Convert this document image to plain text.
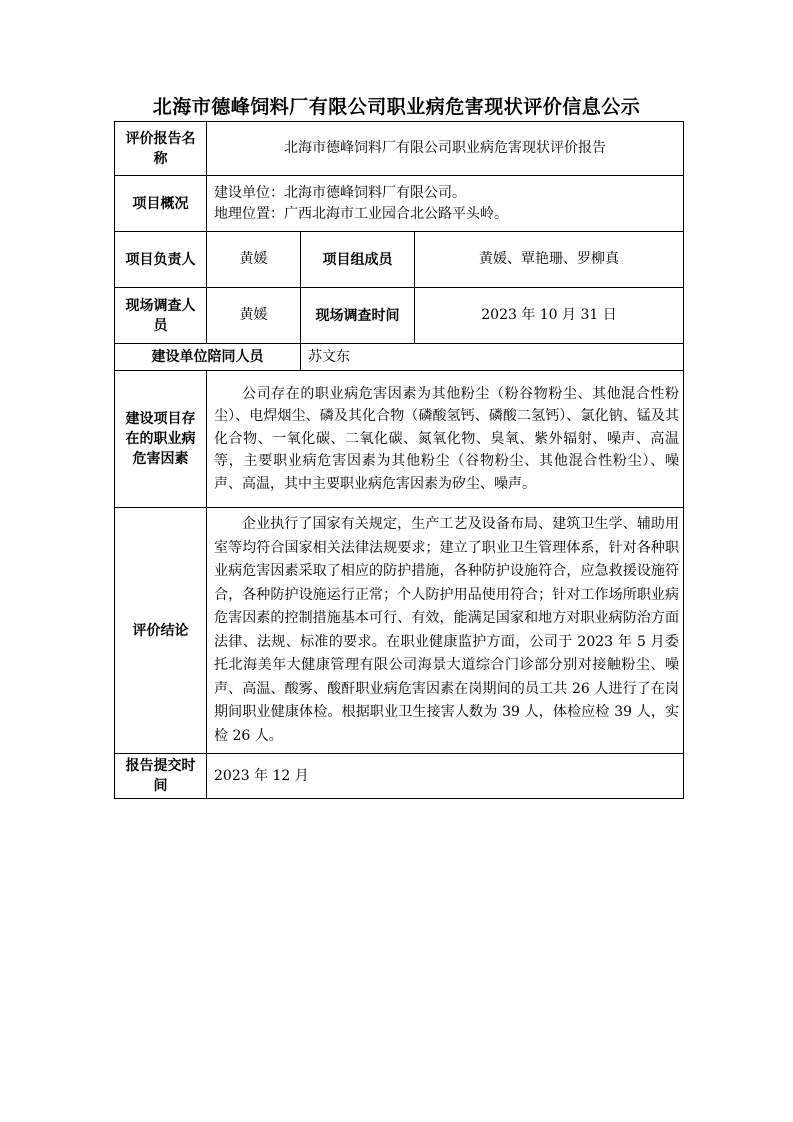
北海市德峰饲料厂有限公司职业病危害现状评价信息公示
评价报告名称	北海市德峰饲料厂有限公司职业病危害现状评价报告		
项目概况	建设单位：北海市德峰饲料厂有限公司。
地理位置：广西北海市工业园合北公路平头岭。		

项目负责人	黄媛	项目组成员	黄媛、覃艳珊、罗柳真
现场调查人员	黄媛	现场调查时间	2023 年 10 月 31 日
建设单位陪同人员		苏文东	
建设项目存在的职业病危害因素	公司存在的职业病危害因素为其他粉尘（粉谷物粉尘、其他混合性粉尘）、电焊烟尘、磷及其化合物（磷酸氢钙、磷酸二氢钙）、氯化钠、锰及其化合物、一氧化碳、二氧化碳、氮氧化物、臭氧、紫外辐射、噪声、高温等，主要职业病危害因素为其他粉尘（谷物粉尘、其他混合性粉尘）、噪声、高温，其中主要职业病危害因素为矽尘、噪声。		
评价结论	企业执行了国家有关规定，生产工艺及设备布局、建筑卫生学、辅助用室等均符合国家相关法律法规要求；建立了职业卫生管理体系，针对各种职业病危害因素采取了相应的防护措施，各种防护设施符合，应急救援设施符合，各种防护设施运行正常；个人防护用品使用符合；针对工作场所职业病危害因素的控制措施基本可行、有效，能满足国家和地方对职业病防治方面法律、法规、标准的要求。在职业健康监护方面，公司于 2023 年 5 月委托北海美年大健康管理有限公司海景大道综合门诊部分别对接触粉尘、噪声、高温、酸雾、酸酐职业病危害因素在岗期间的员工共 26 人进行了在岗期间职业健康体检。根据职业卫生接害人数为 39 人，体检应检 39 人，实检 26 人。		
报告提交时间	2023 年 12 月		
